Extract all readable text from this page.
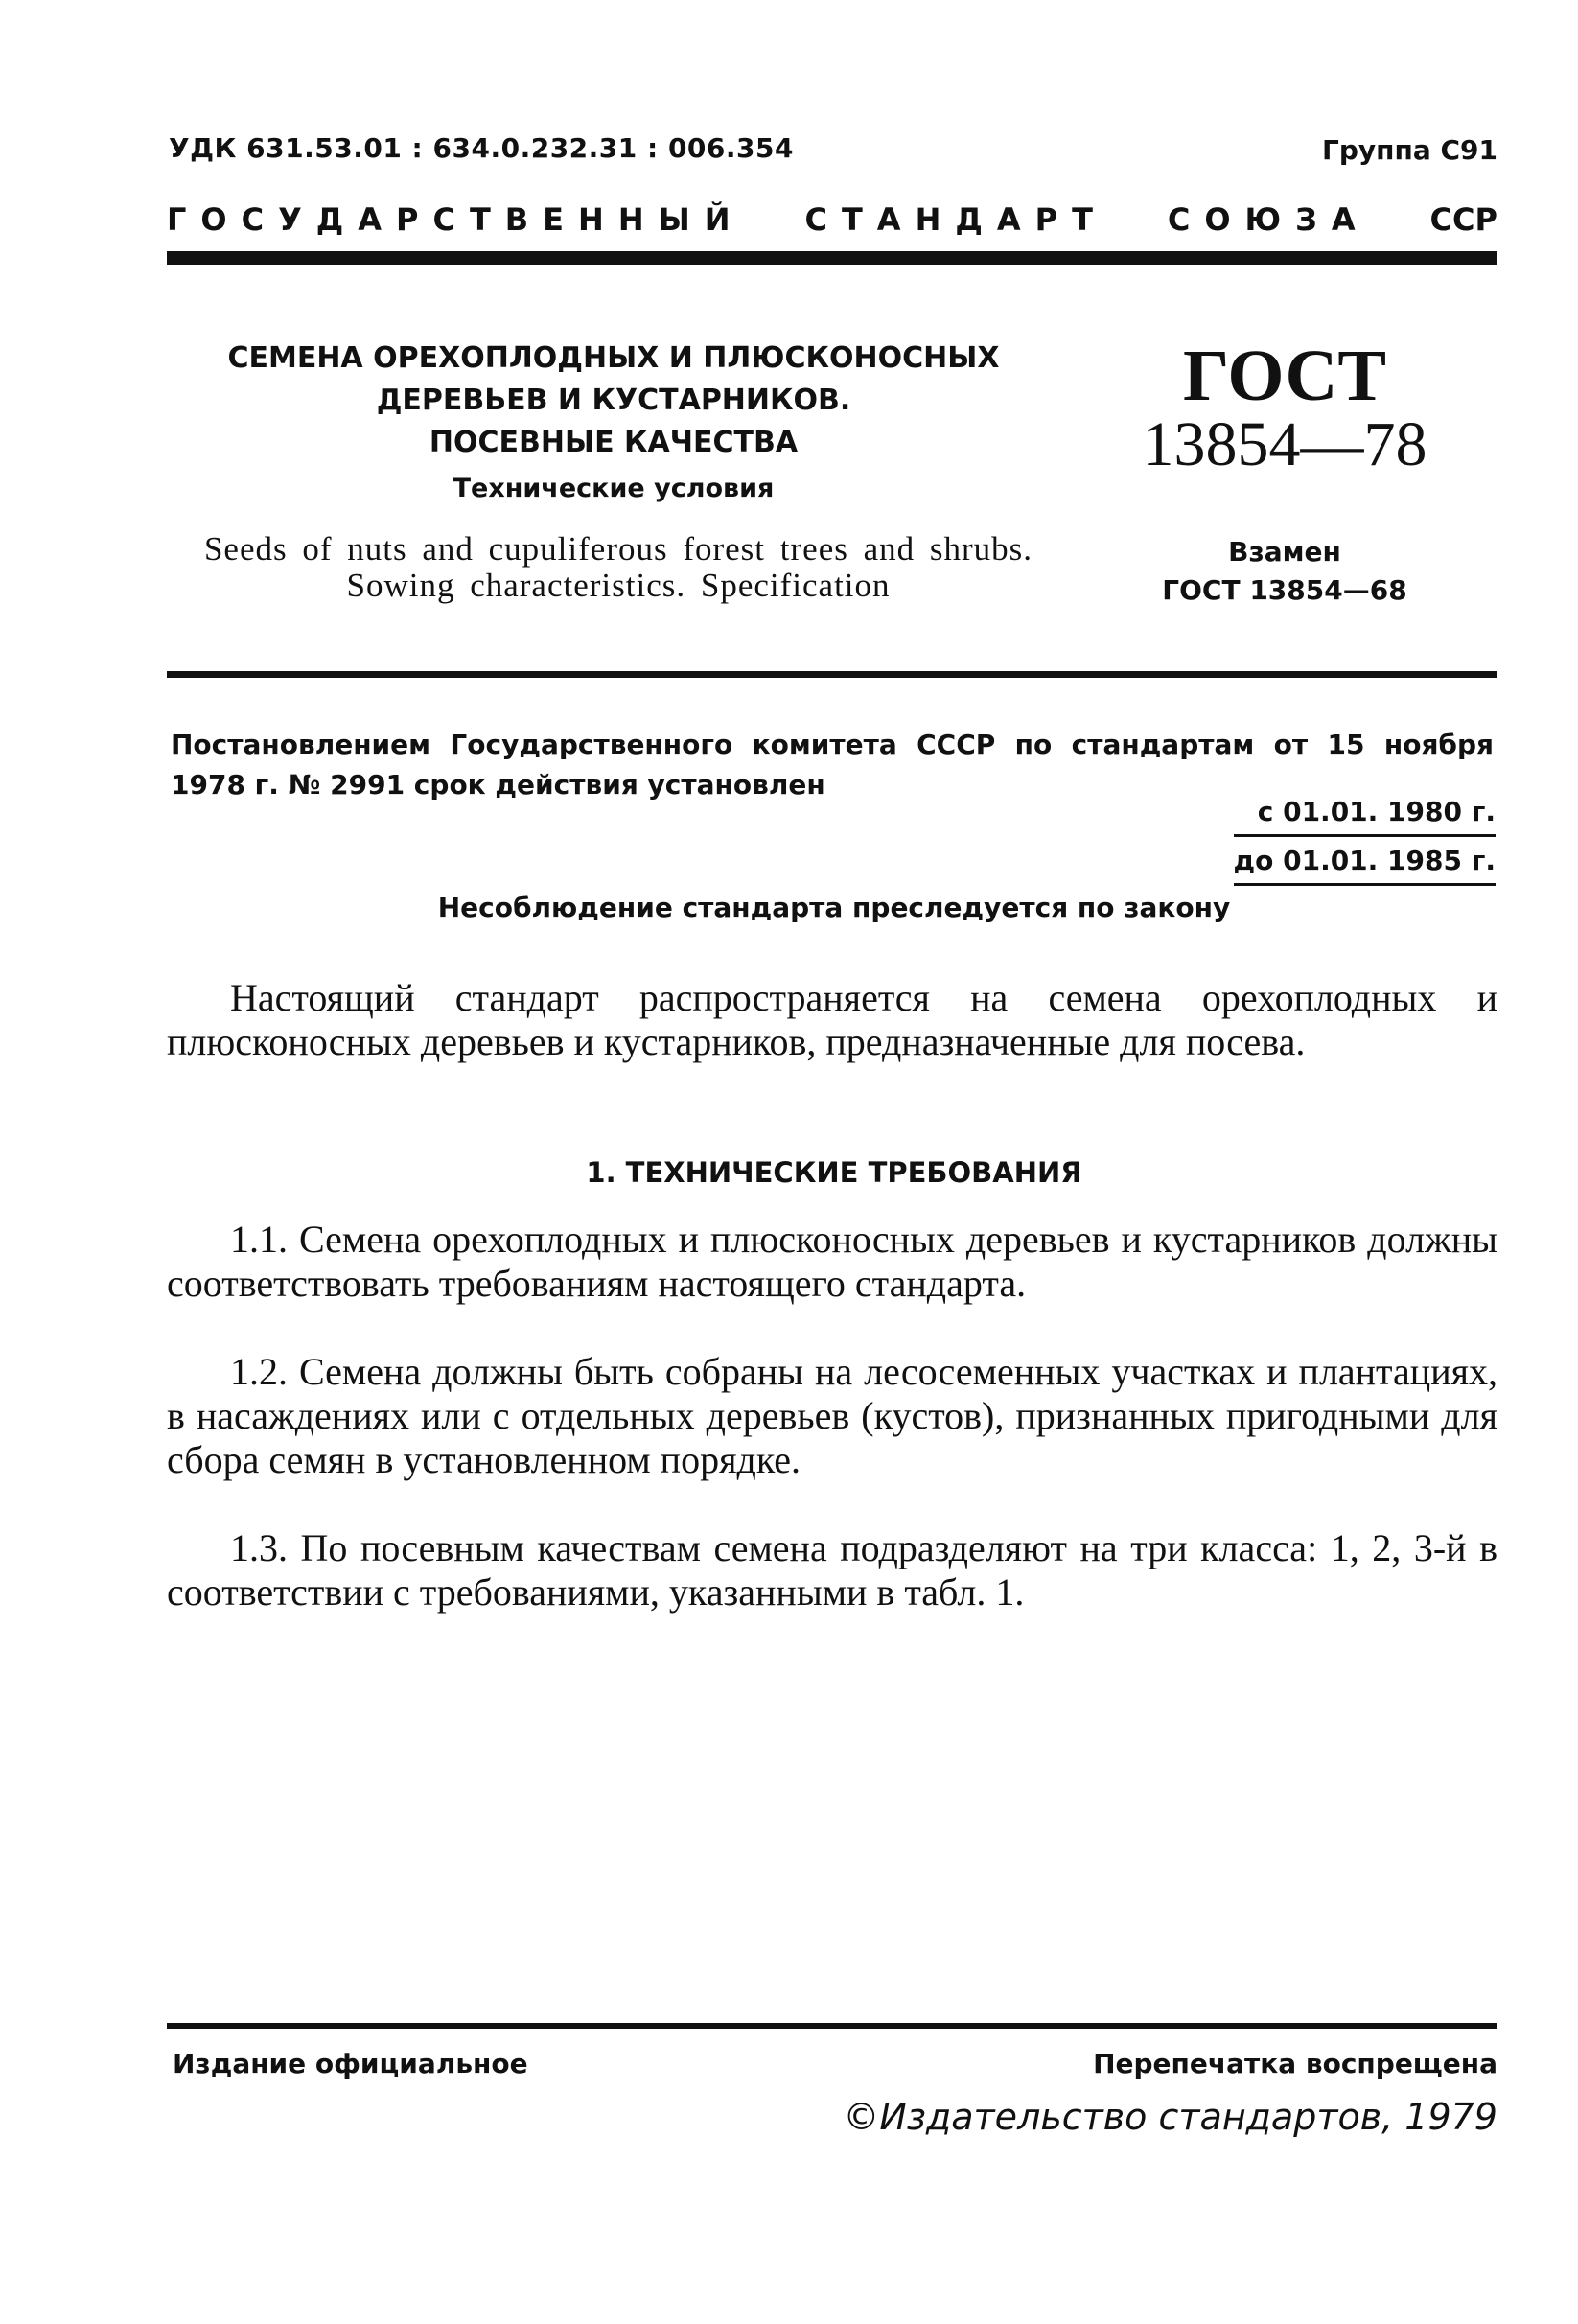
УДК 631.53.01 : 634.0.232.31 : 006.354	Группа С91
ГОСУДАРСТВЕННЫЙ СТАНДАРТ СОЮЗА ССР
СЕМЕНА ОРЕХОПЛОДНЫХ И ПЛЮСКОНОСНЫХ
ДЕРЕВЬЕВ И КУСТАРНИКОВ.
ПОСЕВНЫЕ КАЧЕСТВА
Технические условия
Seeds of nuts and cupuliferous forest trees and shrubs.
Sowing characteristics. Specification
ГОСТ
13854—78
Взамен
ГОСТ 13854—68
Постановлением Государственного комитета СССР по стандартам от 15 ноября
1978 г. № 2991 срок действия установлен
с 01.01. 1980 г.
до 01.01. 1985 г.
Несоблюдение стандарта преследуется по закону
Настоящий стандарт распространяется на семена орехоплодных и плюсконосных деревьев и кустарников, предназначенные для посева.
1. ТЕХНИЧЕСКИЕ ТРЕБОВАНИЯ
1.1. Семена орехоплодных и плюсконосных деревьев и кустарников должны соответствовать требованиям настоящего стандарта.
1.2. Семена должны быть собраны на лесосеменных участках и плантациях, в насаждениях или с отдельных деревьев (кустов), признанных пригодными для сбора семян в установленном порядке.
1.3. По посевным качествам семена подразделяют на три класса: 1, 2, 3-й в соответствии с требованиями, указанными в табл. 1.
Издание официальное	Перепечатка воспрещена
©Издательство стандартов, 1979
